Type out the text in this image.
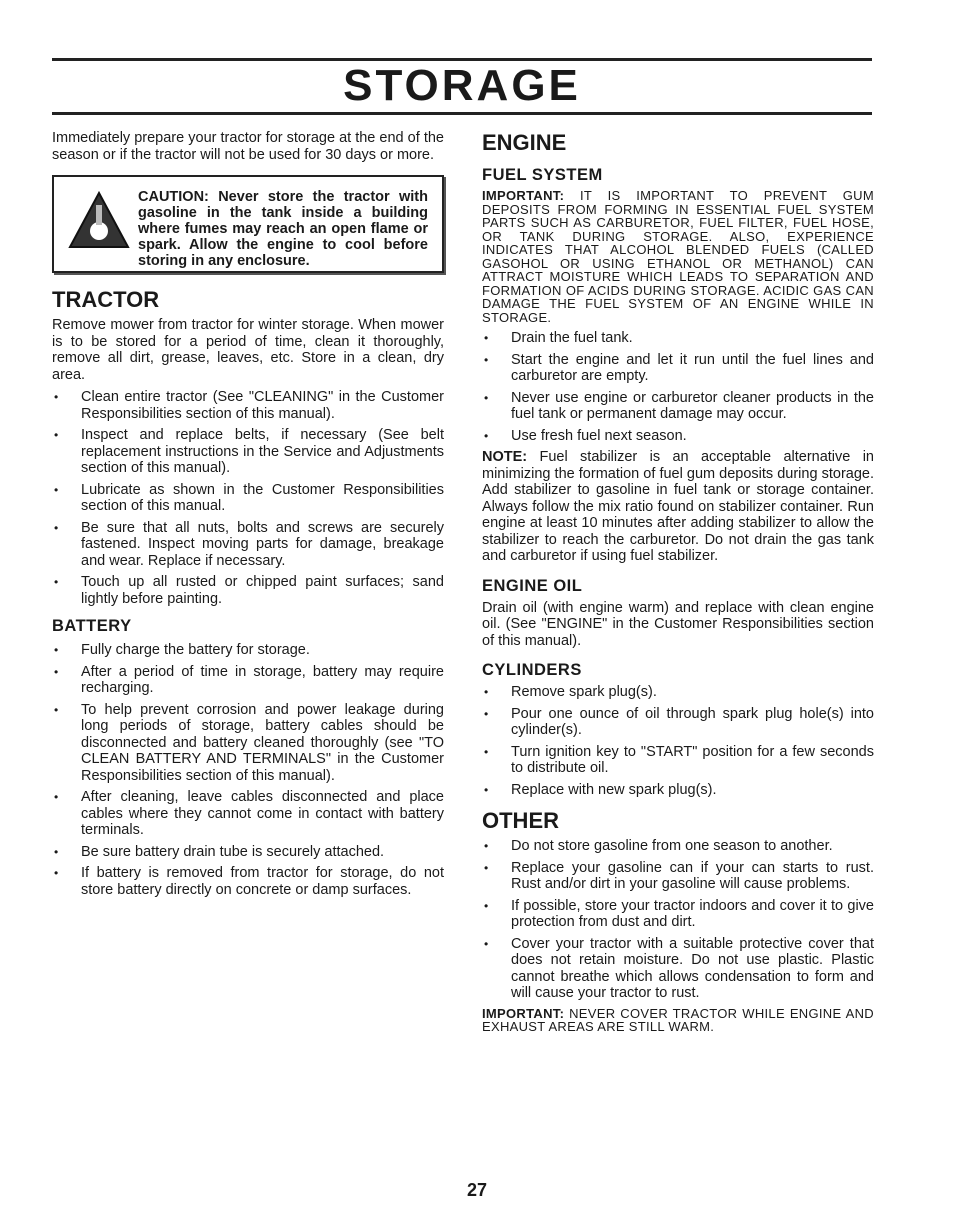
STORAGE

Immediately prepare your tractor for storage at the end of the season or if the tractor will not be used for 30 days or more.

CAUTION: Never store the tractor with gasoline in the tank inside a building where fumes may reach an open flame or spark. Allow the engine to cool before storing in any enclosure.
TRACTOR

Remove mower from tractor for winter storage. When mower is to be stored for a period of time, clean it thoroughly, remove all dirt, grease, leaves, etc. Store in a clean, dry area.

• Clean entire tractor (See "CLEANING" in the Customer Responsibilities section of this manual).
• Inspect and replace belts, if necessary (See belt replacement instructions in the Service and Adjustments section of this manual).
• Lubricate as shown in the Customer Responsibilities section of this manual.
• Be sure that all nuts, bolts and screws are securely fastened. Inspect moving parts for damage, breakage and wear. Replace if necessary.
• Touch up all rusted or chipped paint surfaces; sand lightly before painting.
BATTERY
• Fully charge the battery for storage.
• After a period of time in storage, battery may require recharging.
• To help prevent corrosion and power leakage during long periods of storage, battery cables should be disconnected and battery cleaned thoroughly (see "TO CLEAN BATTERY AND TERMINALS" in the Customer Responsibilities section of this manual).
• After cleaning, leave cables disconnected and place cables where they cannot come in contact with battery terminals.
• Be sure battery drain tube is securely attached.
• If battery is removed from tractor for storage, do not store battery directly on concrete or damp surfaces.
ENGINE
FUEL SYSTEM

IMPORTANT: IT IS IMPORTANT TO PREVENT GUM DEPOSITS FROM FORMING IN ESSENTIAL FUEL SYSTEM PARTS SUCH AS CARBURETOR, FUEL FILTER, FUEL HOSE, OR TANK DURING STORAGE. ALSO, EXPERIENCE INDICATES THAT ALCOHOL BLENDED FUELS (CALLED GASOHOL OR USING ETHANOL OR METHANOL) CAN ATTRACT MOISTURE WHICH LEADS TO SEPARATION AND FORMATION OF ACIDS DURING STORAGE. ACIDIC GAS CAN DAMAGE THE FUEL SYSTEM OF AN ENGINE WHILE IN STORAGE.

• Drain the fuel tank.
• Start the engine and let it run until the fuel lines and carburetor are empty.
• Never use engine or carburetor cleaner products in the fuel tank or permanent damage may occur.
• Use fresh fuel next season.

NOTE: Fuel stabilizer is an acceptable alternative in minimizing the formation of fuel gum deposits during storage. Add stabilizer to gasoline in fuel tank or storage container. Always follow the mix ratio found on stabilizer container. Run engine at least 10 minutes after adding stabilizer to allow the stabilizer to reach the carburetor. Do not drain the gas tank and carburetor if using fuel stabilizer.

ENGINE OIL

Drain oil (with engine warm) and replace with clean engine oil. (See "ENGINE" in the Customer Responsibilities section of this manual).

CYLINDERS
• Remove spark plug(s).
• Pour one ounce of oil through spark plug hole(s) into cylinder(s).
• Turn ignition key to "START" position for a few seconds to distribute oil.
• Replace with new spark plug(s).
OTHER
• Do not store gasoline from one season to another.
• Replace your gasoline can if your can starts to rust. Rust and/or dirt in your gasoline will cause problems.
• If possible, store your tractor indoors and cover it to give protection from dust and dirt.
• Cover your tractor with a suitable protective cover that does not retain moisture. Do not use plastic. Plastic cannot breathe which allows condensation to form and will cause your tractor to rust.

IMPORTANT: NEVER COVER TRACTOR WHILE ENGINE AND EXHAUST AREAS ARE STILL WARM.

27
